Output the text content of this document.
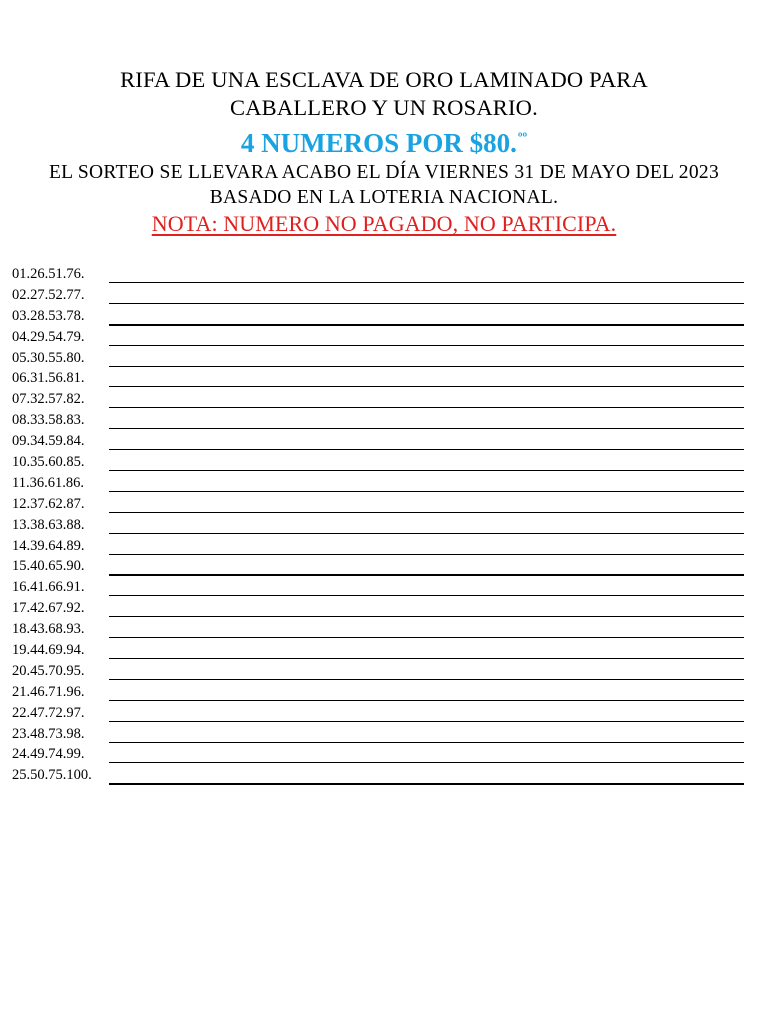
RIFA DE UNA ESCLAVA DE ORO LAMINADO PARA CABALLERO Y UN ROSARIO.
4 NUMEROS POR $80.$^{ºº}$
EL SORTEO SE LLEVARA ACABO EL DÍA VIERNES 31 DE MAYO DEL 2023 BASADO EN LA LOTERIA NACIONAL.
NOTA: NUMERO NO PAGADO, NO PARTICIPA.
01.26.51.76.
02.27.52.77.
03.28.53.78.
04.29.54.79.
05.30.55.80.
06.31.56.81.
07.32.57.82.
08.33.58.83.
09.34.59.84.
10.35.60.85.
11.36.61.86.
12.37.62.87.
13.38.63.88.
14.39.64.89.
15.40.65.90.
16.41.66.91.
17.42.67.92.
18.43.68.93.
19.44.69.94.
20.45.70.95.
21.46.71.96.
22.47.72.97.
23.48.73.98.
24.49.74.99.
25.50.75.100.
